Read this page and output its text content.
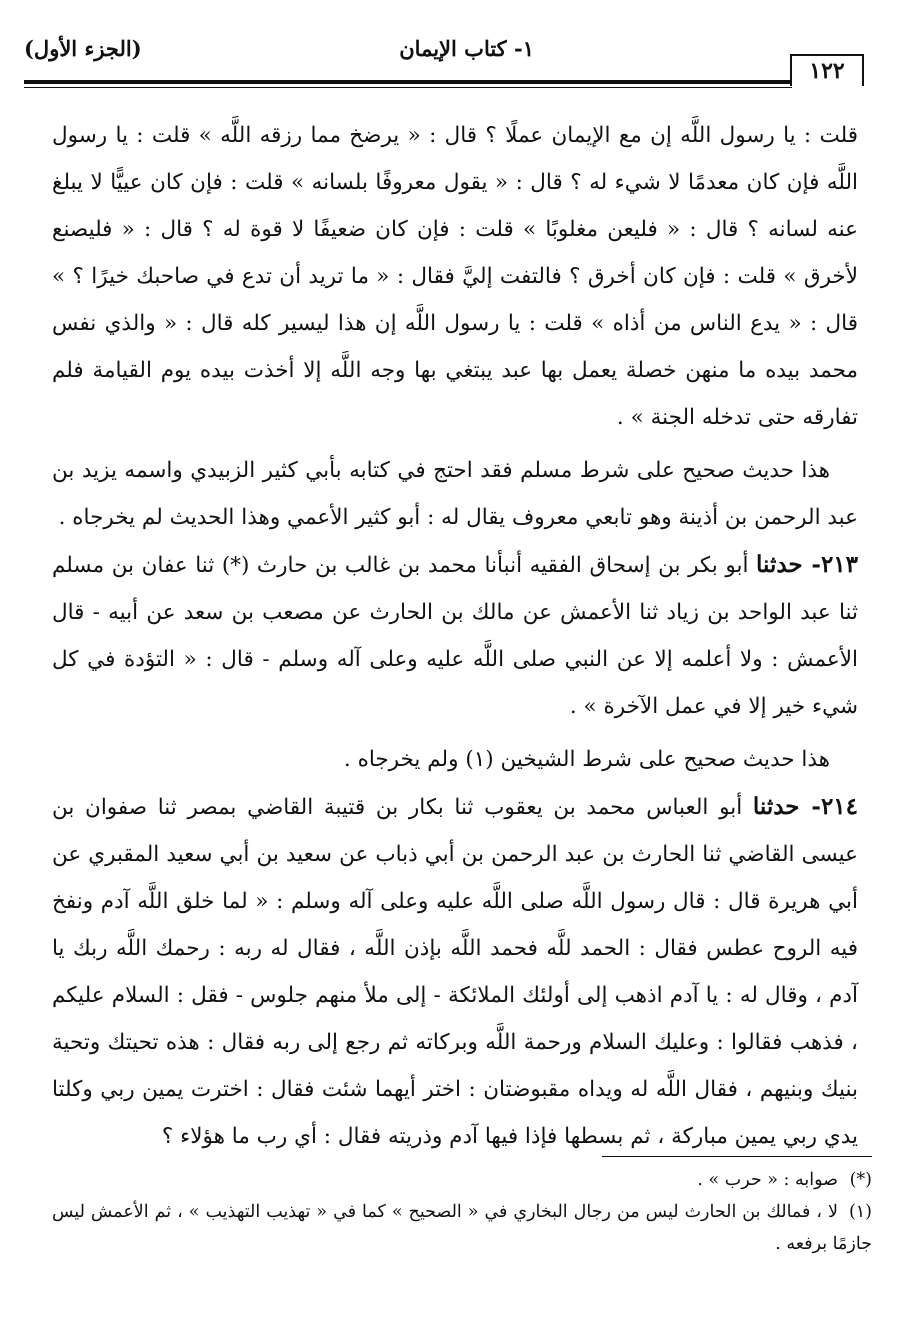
١٢٢
١- كتاب الإيمان
(الجزء الأول)

قلت : يا رسول اللَّه إن مع الإيمان عملًا ؟ قال : « يرضخ مما رزقه اللَّه » قلت : يا رسول اللَّه فإن كان معدمًا لا شيء له ؟ قال : « يقول معروفًا بلسانه » قلت : فإن كان عييًّا لا يبلغ عنه لسانه ؟ قال : « فليعن مغلوبًا » قلت : فإن كان ضعيفًا لا قوة له ؟ قال : « فليصنع لأخرق » قلت : فإن كان أخرق ؟ فالتفت إليَّ فقال : « ما تريد أن تدع في صاحبك خيرًا ؟ » قال : « يدع الناس من أذاه » قلت : يا رسول اللَّه إن هذا ليسير كله قال : « والذي نفس محمد بيده ما منهن خصلة يعمل بها عبد يبتغي بها وجه اللَّه إلا أخذت بيده يوم القيامة فلم تفارقه حتى تدخله الجنة » .

هذا حديث صحيح على شرط مسلم فقد احتج في كتابه بأبي كثير الزبيدي واسمه يزيد بن عبد الرحمن بن أذينة وهو تابعي معروف يقال له : أبو كثير الأعمي وهذا الحديث لم يخرجاه .

٢١٣- حدثنا أبو بكر بن إسحاق الفقيه أنبأنا محمد بن غالب بن حارث (*) ثنا عفان بن مسلم ثنا عبد الواحد بن زياد ثنا الأعمش عن مالك بن الحارث عن مصعب بن سعد عن أبيه - قال الأعمش : ولا أعلمه إلا عن النبي صلى اللَّه عليه وعلى آله وسلم - قال : « التؤدة في كل شيء خير إلا في عمل الآخرة » .

هذا حديث صحيح على شرط الشيخين (١) ولم يخرجاه .

٢١٤- حدثنا أبو العباس محمد بن يعقوب ثنا بكار بن قتيبة القاضي بمصر ثنا صفوان بن عيسى القاضي ثنا الحارث بن عبد الرحمن بن أبي ذباب عن سعيد بن أبي سعيد المقبري عن أبي هريرة قال : قال رسول اللَّه صلى اللَّه عليه وعلى آله وسلم : « لما خلق اللَّه آدم ونفخ فيه الروح عطس فقال : الحمد للَّه فحمد اللَّه بإذن اللَّه ، فقال له ربه : رحمك اللَّه ربك يا آدم ، وقال له : يا آدم اذهب إلى أولئك الملائكة - إلى ملأ منهم جلوس - فقل : السلام عليكم ، فذهب فقالوا : وعليك السلام ورحمة اللَّه وبركاته ثم رجع إلى ربه فقال : هذه تحيتك وتحية بنيك وبنيهم ، فقال اللَّه له ويداه مقبوضتان : اختر أيهما شئت فقال : اخترت يمين ربي وكلتا يدي ربي يمين مباركة ، ثم بسطها فإذا فيها آدم وذريته فقال : أي رب ما هؤلاء ؟

(*)صوابه : « حرب » .

(١)لا ، فمالك بن الحارث ليس من رجال البخاري في « الصحيح » كما في « تهذيب التهذيب » ، ثم الأعمش ليس جازمًا برفعه .
